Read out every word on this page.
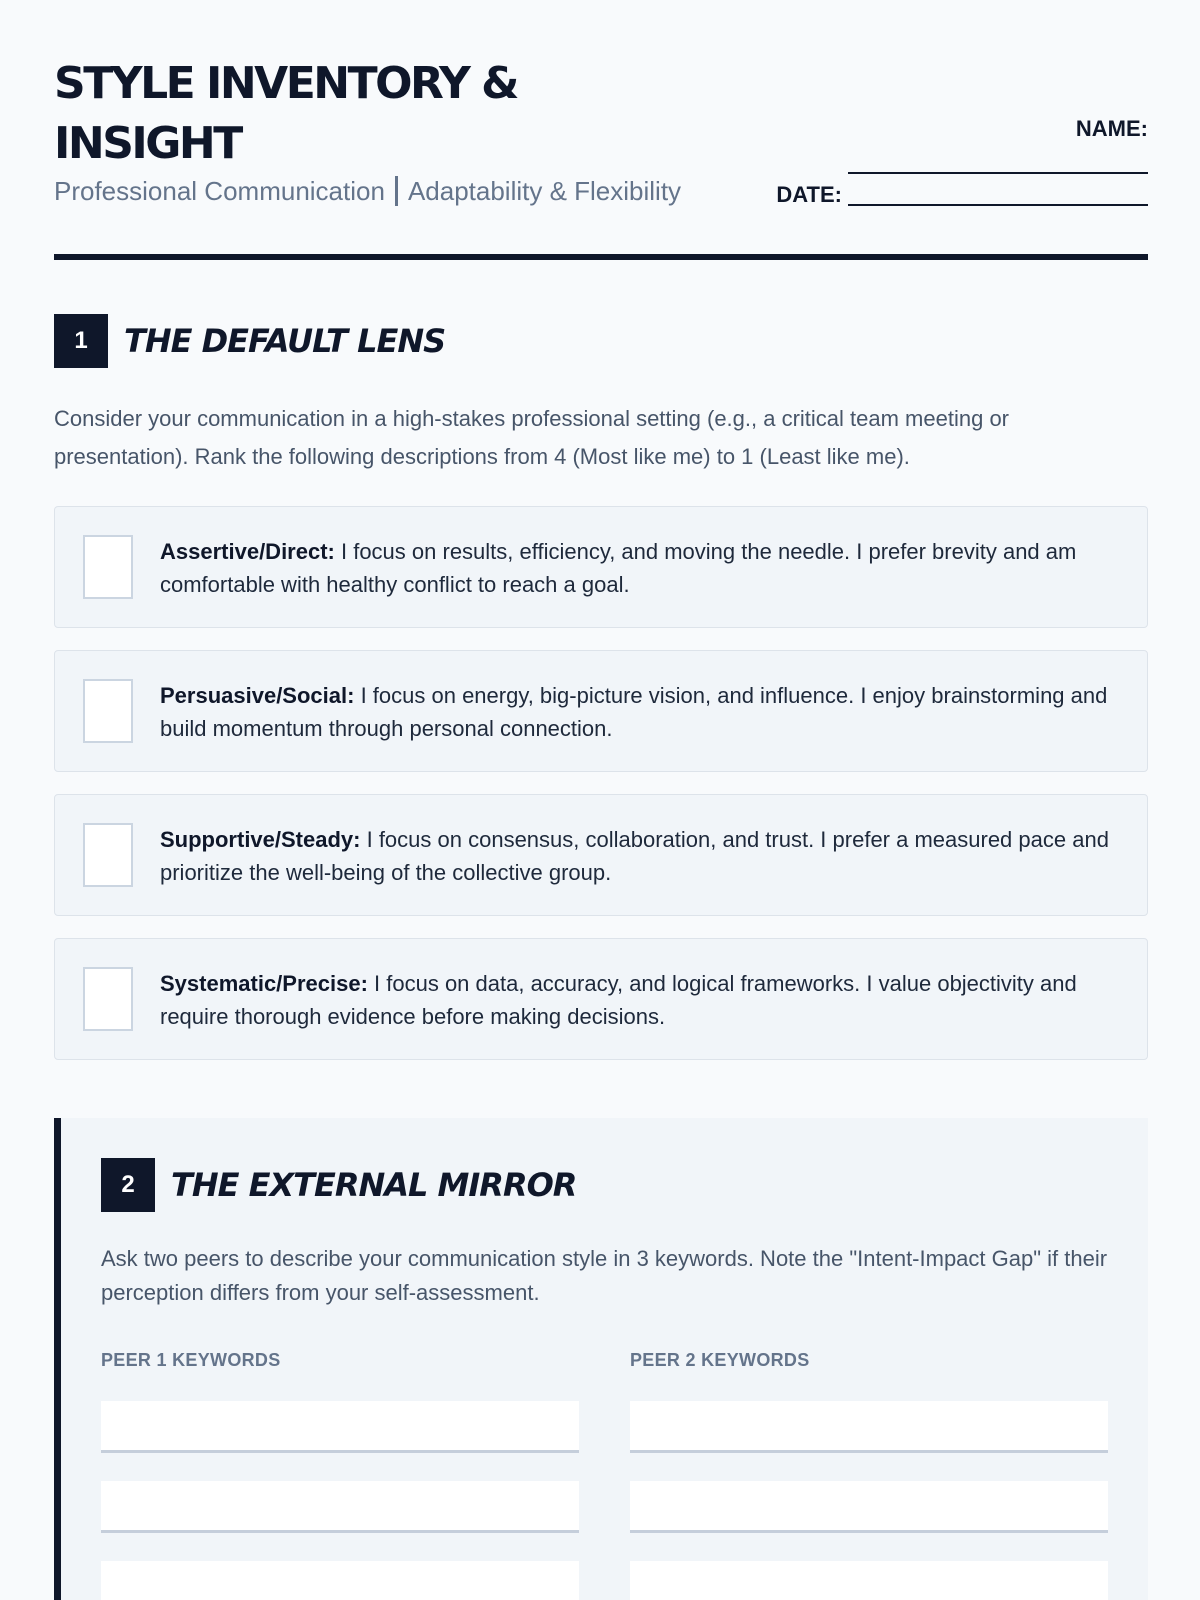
STYLE INVENTORY & INSIGHT
Professional Communication Adaptability & Flexibility
NAME:
DATE:
1	THE DEFAULT LENS

Consider your communication in a high-stakes professional setting (e.g., a critical team meeting or presentation). Rank the following descriptions from 4 (Most like me) to 1 (Least like me).

Assertive/Direct: I focus on results, efficiency, and moving the needle. I prefer brevity and am comfortable with healthy conflict to reach a goal.

Persuasive/Social: I focus on energy, big-picture vision, and influence. I enjoy brainstorming and build momentum through personal connection.

Supportive/Steady: I focus on consensus, collaboration, and trust. I prefer a measured pace and prioritize the well-being of the collective group.

Systematic/Precise: I focus on data, accuracy, and logical frameworks. I value objectivity and require thorough evidence before making decisions.

2	THE EXTERNAL MIRROR

Ask two peers to describe your communication style in 3 keywords. Note the "Intent-Impact Gap" if their perception differs from your self-assessment.

PEER 1 KEYWORDS	PEER 2 KEYWORDS
